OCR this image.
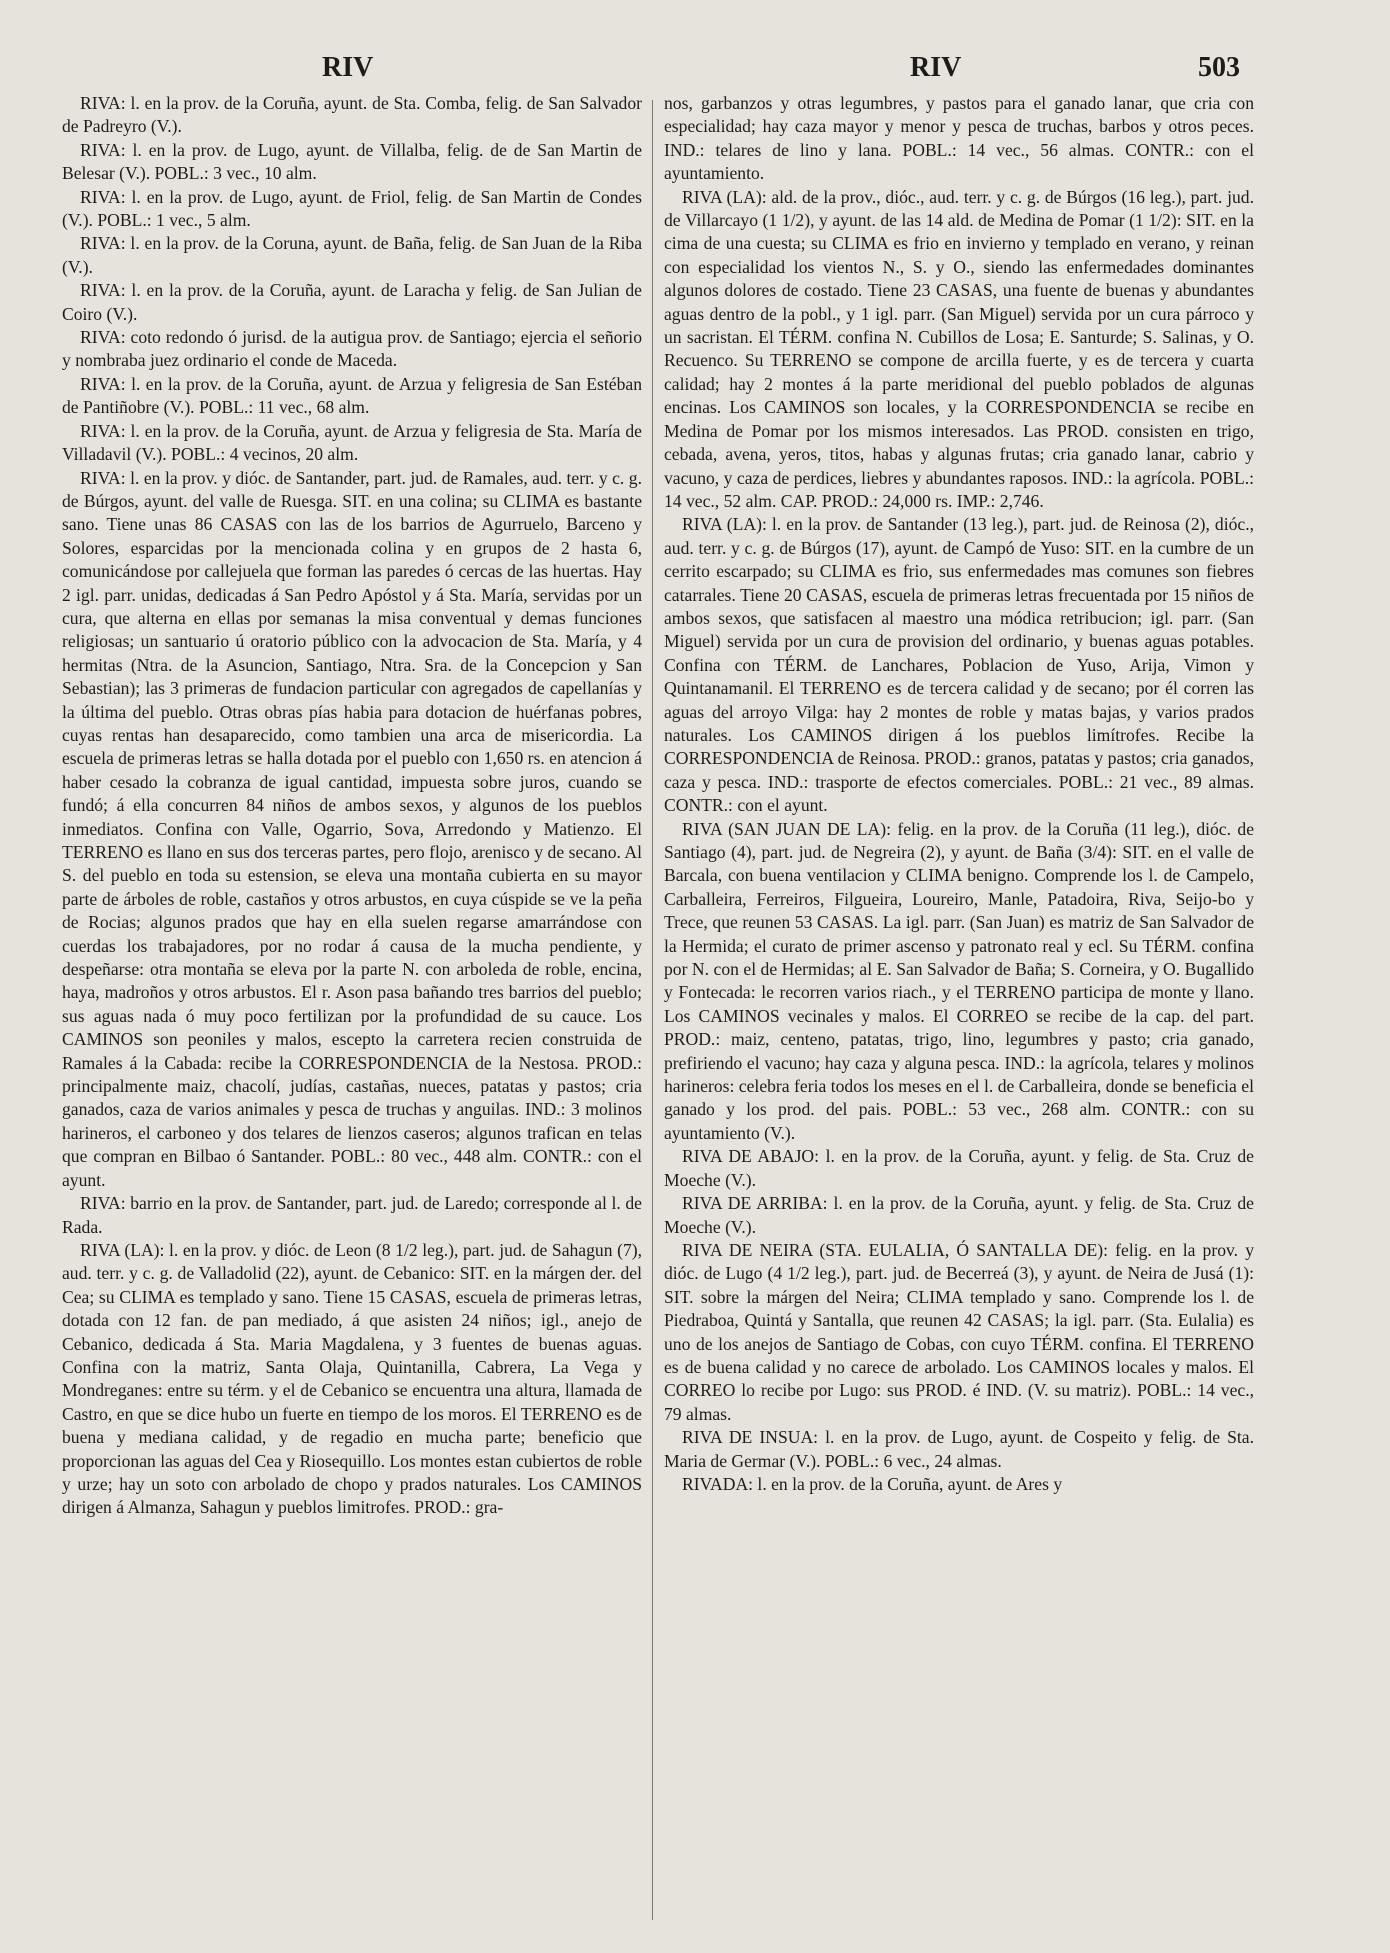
RIV	RIV	503

RIVA: l. en la prov. de la Coruña, ayunt. de Sta. Comba, felig. de San Salvador de Padreyro (V.).

RIVA: l. en la prov. de Lugo, ayunt. de Villalba, felig. de de San Martin de Belesar (V.). POBL.: 3 vec., 10 alm.

RIVA: l. en la prov. de Lugo, ayunt. de Friol, felig. de San Martin de Condes (V.). POBL.: 1 vec., 5 alm.

RIVA: l. en la prov. de la Coruna, ayunt. de Baña, felig. de San Juan de la Riba (V.).

RIVA: l. en la prov. de la Coruña, ayunt. de Laracha y felig. de San Julian de Coiro (V.).

RIVA: coto redondo ó jurisd. de la autigua prov. de Santiago; ejercia el señorio y nombraba juez ordinario el conde de Maceda.

RIVA: l. en la prov. de la Coruña, ayunt. de Arzua y feligresia de San Estéban de Pantiñobre (V.). POBL.: 11 vec., 68 alm.

RIVA: l. en la prov. de la Coruña, ayunt. de Arzua y feligresia de Sta. María de Villadavil (V.). POBL.: 4 vecinos, 20 alm.

RIVA: l. en la prov. y dióc. de Santander, part. jud. de Ramales, aud. terr. y c. g. de Búrgos, ayunt. del valle de Ruesga. SIT. en una colina; su CLIMA es bastante sano. Tiene unas 86 CASAS con las de los barrios de Agurruelo, Barceno y Solores, esparcidas por la mencionada colina y en grupos de 2 hasta 6, comunicándose por callejuela que forman las paredes ó cercas de las huertas. Hay 2 igl. parr. unidas, dedicadas á San Pedro Apóstol y á Sta. María, servidas por un cura, que alterna en ellas por semanas la misa conventual y demas funciones religiosas; un santuario ú oratorio público con la advocacion de Sta. María, y 4 hermitas (Ntra. de la Asuncion, Santiago, Ntra. Sra. de la Concepcion y San Sebastian); las 3 primeras de fundacion particular con agregados de capellanías y la última del pueblo. Otras obras pías habia para dotacion de huérfanas pobres, cuyas rentas han desaparecido, como tambien una arca de misericordia. La escuela de primeras letras se halla dotada por el pueblo con 1,650 rs. en atencion á haber cesado la cobranza de igual cantidad, impuesta sobre juros, cuando se fundó; á ella concurren 84 niños de ambos sexos, y algunos de los pueblos inmediatos. Confina con Valle, Ogarrio, Sova, Arredondo y Matienzo. El TERRENO es llano en sus dos terceras partes, pero flojo, arenisco y de secano. Al S. del pueblo en toda su estension, se eleva una montaña cubierta en su mayor parte de árboles de roble, castaños y otros arbustos, en cuya cúspide se ve la peña de Rocias; algunos prados que hay en ella suelen regarse amarrándose con cuerdas los trabajadores, por no rodar á causa de la mucha pendiente, y despeñarse: otra montaña se eleva por la parte N. con arboleda de roble, encina, haya, madroños y otros arbustos. El r. Ason pasa bañando tres barrios del pueblo; sus aguas nada ó muy poco fertilizan por la profundidad de su cauce. Los CAMINOS son peoniles y malos, escepto la carretera recien construida de Ramales á la Cabada: recibe la CORRESPONDENCIA de la Nestosa. PROD.: principalmente maiz, chacolí, judías, castañas, nueces, patatas y pastos; cria ganados, caza de varios animales y pesca de truchas y anguilas. IND.: 3 molinos harineros, el carboneo y dos telares de lienzos caseros; algunos trafican en telas que compran en Bilbao ó Santander. POBL.: 80 vec., 448 alm. CONTR.: con el ayunt.

RIVA: barrio en la prov. de Santander, part. jud. de Laredo; corresponde al l. de Rada.

RIVA (LA): l. en la prov. y dióc. de Leon (8 1/2 leg.), part. jud. de Sahagun (7), aud. terr. y c. g. de Valladolid (22), ayunt. de Cebanico: SIT. en la márgen der. del Cea; su CLIMA es templado y sano. Tiene 15 CASAS, escuela de primeras letras, dotada con 12 fan. de pan mediado, á que asisten 24 niños; igl., anejo de Cebanico, dedicada á Sta. Maria Magdalena, y 3 fuentes de buenas aguas. Confina con la matriz, Santa Olaja, Quintanilla, Cabrera, La Vega y Mondreganes: entre su térm. y el de Cebanico se encuentra una altura, llamada de Castro, en que se dice hubo un fuerte en tiempo de los moros. El TERRENO es de buena y mediana calidad, y de regadio en mucha parte; beneficio que proporcionan las aguas del Cea y Riosequillo. Los montes estan cubiertos de roble y urze; hay un soto con arbolado de chopo y prados naturales. Los CAMINOS dirigen á Almanza, Sahagun y pueblos limitrofes. PROD.: gra-

nos, garbanzos y otras legumbres, y pastos para el ganado lanar, que cria con especialidad; hay caza mayor y menor y pesca de truchas, barbos y otros peces. IND.: telares de lino y lana. POBL.: 14 vec., 56 almas. CONTR.: con el ayuntamiento.

RIVA (LA): ald. de la prov., dióc., aud. terr. y c. g. de Búrgos (16 leg.), part. jud. de Villarcayo (1 1/2), y ayunt. de las 14 ald. de Medina de Pomar (1 1/2): SIT. en la cima de una cuesta; su CLIMA es frio en invierno y templado en verano, y reinan con especialidad los vientos N., S. y O., siendo las enfermedades dominantes algunos dolores de costado. Tiene 23 CASAS, una fuente de buenas y abundantes aguas dentro de la pobl., y 1 igl. parr. (San Miguel) servida por un cura párroco y un sacristan. El TÉRM. confina N. Cubillos de Losa; E. Santurde; S. Salinas, y O. Recuenco. Su TERRENO se compone de arcilla fuerte, y es de tercera y cuarta calidad; hay 2 montes á la parte meridional del pueblo poblados de algunas encinas. Los CAMINOS son locales, y la CORRESPONDENCIA se recibe en Medina de Pomar por los mismos interesados. Las PROD. consisten en trigo, cebada, avena, yeros, titos, habas y algunas frutas; cria ganado lanar, cabrio y vacuno, y caza de perdices, liebres y abundantes raposos. IND.: la agrícola. POBL.: 14 vec., 52 alm. CAP. PROD.: 24,000 rs. IMP.: 2,746.

RIVA (LA): l. en la prov. de Santander (13 leg.), part. jud. de Reinosa (2), dióc., aud. terr. y c. g. de Búrgos (17), ayunt. de Campó de Yuso: SIT. en la cumbre de un cerrito escarpado; su CLIMA es frio, sus enfermedades mas comunes son fiebres catarrales. Tiene 20 CASAS, escuela de primeras letras frecuentada por 15 niños de ambos sexos, que satisfacen al maestro una módica retribucion; igl. parr. (San Miguel) servida por un cura de provision del ordinario, y buenas aguas potables. Confina con TÉRM. de Lanchares, Poblacion de Yuso, Arija, Vimon y Quintanamanil. El TERRENO es de tercera calidad y de secano; por él corren las aguas del arroyo Vilga: hay 2 montes de roble y matas bajas, y varios prados naturales. Los CAMINOS dirigen á los pueblos limítrofes. Recibe la CORRESPONDENCIA de Reinosa. PROD.: granos, patatas y pastos; cria ganados, caza y pesca. IND.: trasporte de efectos comerciales. POBL.: 21 vec., 89 almas. CONTR.: con el ayunt.

RIVA (SAN JUAN DE LA): felig. en la prov. de la Coruña (11 leg.), dióc. de Santiago (4), part. jud. de Negreira (2), y ayunt. de Baña (3/4): SIT. en el valle de Barcala, con buena ventilacion y CLIMA benigno. Comprende los l. de Campelo, Carballeira, Ferreiros, Filgueira, Loureiro, Manle, Patadoira, Riva, Seijo-bo y Trece, que reunen 53 CASAS. La igl. parr. (San Juan) es matriz de San Salvador de la Hermida; el curato de primer ascenso y patronato real y ecl. Su TÉRM. confina por N. con el de Hermidas; al E. San Salvador de Baña; S. Corneira, y O. Bugallido y Fontecada: le recorren varios riach., y el TERRENO participa de monte y llano. Los CAMINOS vecinales y malos. El CORREO se recibe de la cap. del part. PROD.: maiz, centeno, patatas, trigo, lino, legumbres y pasto; cria ganado, prefiriendo el vacuno; hay caza y alguna pesca. IND.: la agrícola, telares y molinos harineros: celebra feria todos los meses en el l. de Carballeira, donde se beneficia el ganado y los prod. del pais. POBL.: 53 vec., 268 alm. CONTR.: con su ayuntamiento (V.).

RIVA DE ABAJO: l. en la prov. de la Coruña, ayunt. y felig. de Sta. Cruz de Moeche (V.).

RIVA DE ARRIBA: l. en la prov. de la Coruña, ayunt. y felig. de Sta. Cruz de Moeche (V.).

RIVA DE NEIRA (STA. EULALIA, Ó SANTALLA DE): felig. en la prov. y dióc. de Lugo (4 1/2 leg.), part. jud. de Becerreá (3), y ayunt. de Neira de Jusá (1): SIT. sobre la márgen del Neira; CLIMA templado y sano. Comprende los l. de Piedraboa, Quintá y Santalla, que reunen 42 CASAS; la igl. parr. (Sta. Eulalia) es uno de los anejos de Santiago de Cobas, con cuyo TÉRM. confina. El TERRENO es de buena calidad y no carece de arbolado. Los CAMINOS locales y malos. El CORREO lo recibe por Lugo: sus PROD. é IND. (V. su matriz). POBL.: 14 vec., 79 almas.

RIVA DE INSUA: l. en la prov. de Lugo, ayunt. de Cospeito y felig. de Sta. Maria de Germar (V.). POBL.: 6 vec., 24 almas.

RIVADA: l. en la prov. de la Coruña, ayunt. de Ares y
